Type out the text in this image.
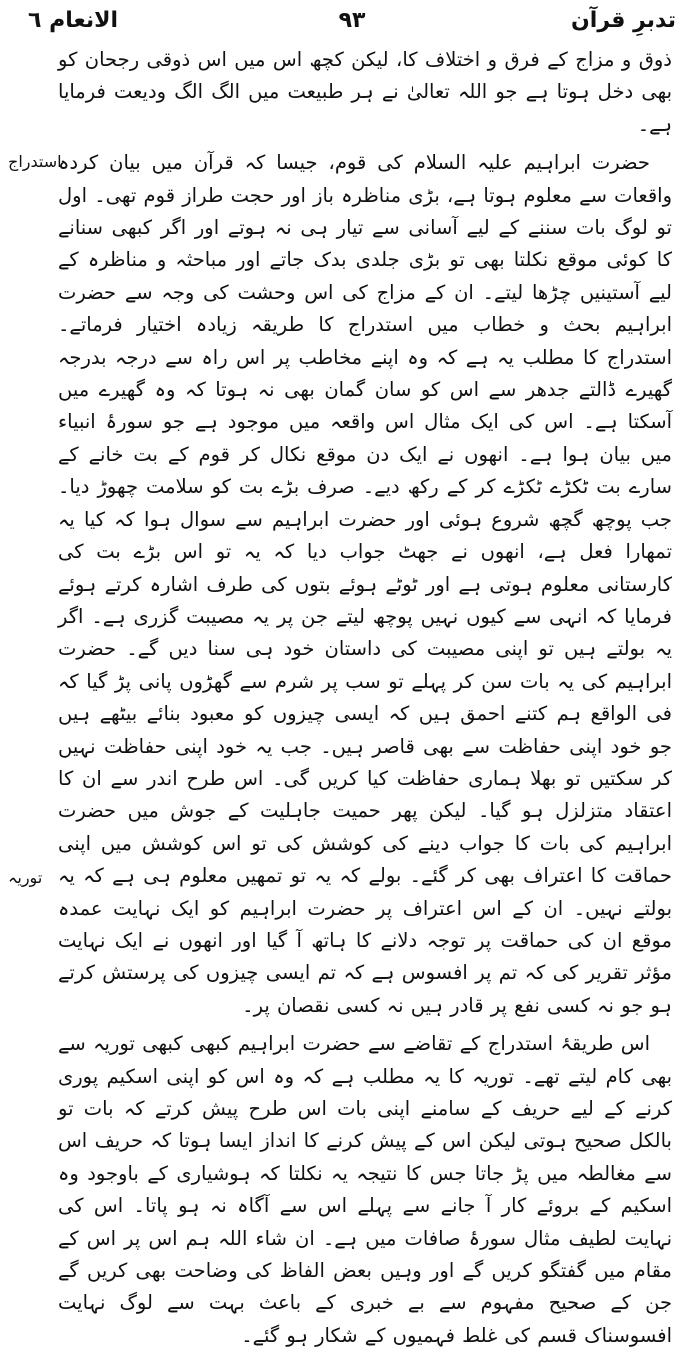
تدبرِ قرآن
۹۳
الانعام ٦
استدراج
توریہ

ذوق و مزاج کے فرق و اختلاف کا، لیکن کچھ اس میں اس ذوقی رجحان کو بھی دخل ہوتا ہے جو اللہ تعالیٰ نے ہر طبیعت میں الگ الگ ودیعت فرمایا ہے۔

حضرت ابراہیم علیہ السلام کی قوم، جیسا کہ قرآن میں بیان کردہ واقعات سے معلوم ہوتا ہے، بڑی مناظرہ باز اور حجت طراز قوم تھی۔ اول تو لوگ بات سننے کے لیے آسانی سے تیار ہی نہ ہوتے اور اگر کبھی سنانے کا کوئی موقع نکلتا بھی تو بڑی جلدی بدک جاتے اور مباحثہ و مناظرہ کے لیے آستینیں چڑھا لیتے۔ ان کے مزاج کی اس وحشت کی وجہ سے حضرت ابراہیم بحث و خطاب میں استدراج کا طریقہ زیادہ اختیار فرماتے۔ استدراج کا مطلب یہ ہے کہ وہ اپنے مخاطب پر اس راہ سے درجہ بدرجہ گھیرے ڈالتے جدھر سے اس کو سان گمان بھی نہ ہوتا کہ وہ گھیرے میں آسکتا ہے۔ اس کی ایک مثال اس واقعہ میں موجود ہے جو سورۂ انبیاء میں بیان ہوا ہے۔ انھوں نے ایک دن موقع نکال کر قوم کے بت خانے کے سارے بت ٹکڑے ٹکڑے کر کے رکھ دیے۔ صرف بڑے بت کو سلامت چھوڑ دیا۔ جب پوچھ گچھ شروع ہوئی اور حضرت ابراہیم سے سوال ہوا کہ کیا یہ تمھارا فعل ہے، انھوں نے جھٹ جواب دیا کہ یہ تو اس بڑے بت کی کارستانی معلوم ہوتی ہے اور ٹوٹے ہوئے بتوں کی طرف اشارہ کرتے ہوئے فرمایا کہ انہی سے کیوں نہیں پوچھ لیتے جن پر یہ مصیبت گزری ہے۔ اگر یہ بولتے ہیں تو اپنی مصیبت کی داستان خود ہی سنا دیں گے۔ حضرت ابراہیم کی یہ بات سن کر پہلے تو سب پر شرم سے گھڑوں پانی پڑ گیا کہ فی الواقع ہم کتنے احمق ہیں کہ ایسی چیزوں کو معبود بنائے بیٹھے ہیں جو خود اپنی حفاظت سے بھی قاصر ہیں۔ جب یہ خود اپنی حفاظت نہیں کر سکتیں تو بھلا ہماری حفاظت کیا کریں گی۔ اس طرح اندر سے ان کا اعتقاد متزلزل ہو گیا۔ لیکن پھر حمیت جاہلیت کے جوش میں حضرت ابراہیم کی بات کا جواب دینے کی کوشش کی تو اس کوشش میں اپنی حماقت کا اعتراف بھی کر گئے۔ بولے کہ یہ تو تمھیں معلوم ہی ہے کہ یہ بولتے نہیں۔ ان کے اس اعتراف پر حضرت ابراہیم کو ایک نہایت عمدہ موقع ان کی حماقت پر توجہ دلانے کا ہاتھ آ گیا اور انھوں نے ایک نہایت مؤثر تقریر کی کہ تم پر افسوس ہے کہ تم ایسی چیزوں کی پرستش کرتے ہو جو نہ کسی نفع پر قادر ہیں نہ کسی نقصان پر۔

اس طریقۂ استدراج کے تقاضے سے حضرت ابراہیم کبھی کبھی توریہ سے بھی کام لیتے تھے۔ توریہ کا یہ مطلب ہے کہ وہ اس کو اپنی اسکیم پوری کرنے کے لیے حریف کے سامنے اپنی بات اس طرح پیش کرتے کہ بات تو بالکل صحیح ہوتی لیکن اس کے پیش کرنے کا انداز ایسا ہوتا کہ حریف اس سے مغالطہ میں پڑ جاتا جس کا نتیجہ یہ نکلتا کہ ہوشیاری کے باوجود وہ اسکیم کے بروئے کار آ جانے سے پہلے اس سے آگاہ نہ ہو پاتا۔ اس کی نہایت لطیف مثال سورۂ صافات میں ہے۔ ان شاء اللہ ہم اس پر اس کے مقام میں گفتگو کریں گے اور وہیں بعض الفاظ کی وضاحت بھی کریں گے جن کے صحیح مفہوم سے بے خبری کے باعث بہت سے لوگ نہایت افسوسناک قسم کی غلط فہمیوں کے شکار ہو گئے۔
